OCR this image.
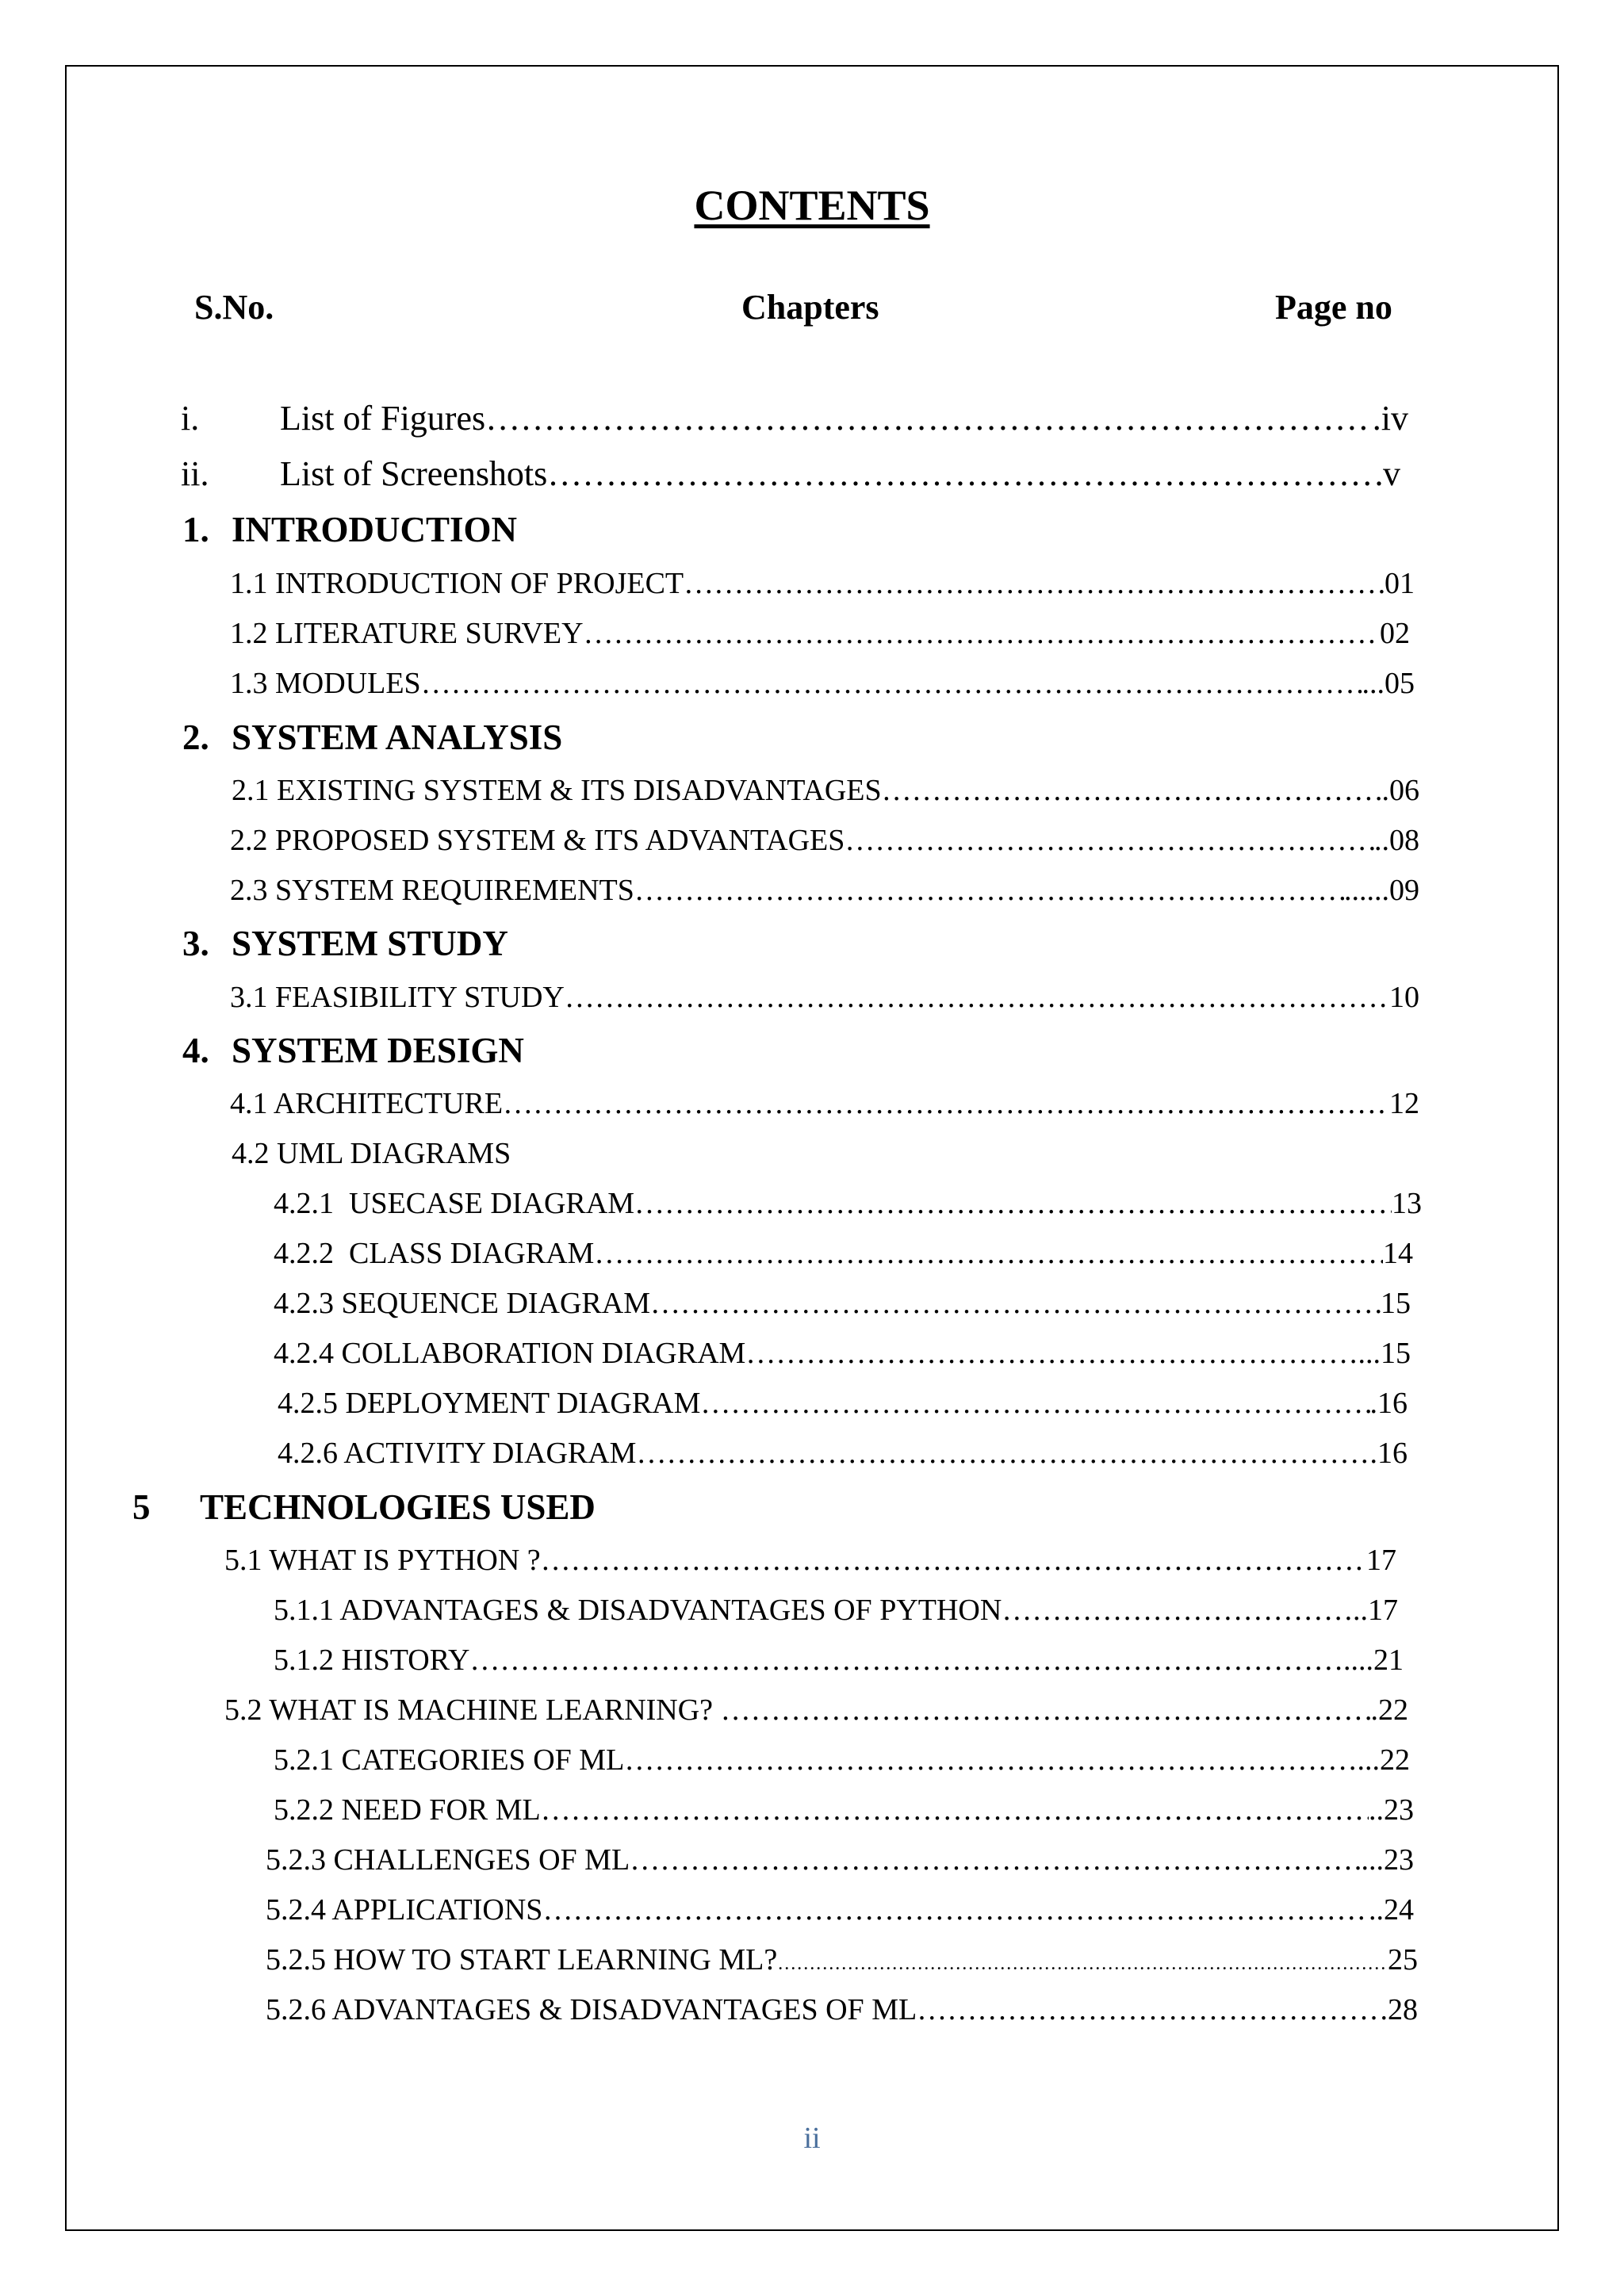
CONTENTS
S.No.	Chapters	Page no
i. List of Figures ……………………………………………………………………………………………………………………………………………………………………………………………………………………………………	.iv
ii. List of Screenshots ……………………………………………………………………………………………………………………………………………………………………………………………………………………………………	v
1. INTRODUCTION
1.1 INTRODUCTION OF PROJECT ……………………………………………………………………………………………………………………………………………………………………………………………………………………………………	01
1.2 LITERATURE SURVEY ……………………………………………………………………………………………………………………………………………………………………………………………………………………………………	02
1.3 MODULES ……………………………………………………………………………………………………………………………………………………………………………………………………………………………………	...05
2. SYSTEM ANALYSIS
2.1 EXISTING SYSTEM & ITS DISADVANTAGES ……………………………………………………………………………………………………………………………………………………………………………………………………………………………………	.06
2.2 PROPOSED SYSTEM & ITS ADVANTAGES ……………………………………………………………………………………………………………………………………………………………………………………………………………………………………	..08
2.3 SYSTEM REQUIREMENTS ……………………………………………………………………………………………………………………………………………………………………………………………………………………………………	......09
3. SYSTEM STUDY
3.1 FEASIBILITY STUDY ……………………………………………………………………………………………………………………………………………………………………………………………………………………………………	10
4. SYSTEM DESIGN
4.1 ARCHITECTURE ……………………………………………………………………………………………………………………………………………………………………………………………………………………………………	12
4.2 UML DIAGRAMS
4.2.1  USECASE DIAGRAM ……………………………………………………………………………………………………………………………………………………………………………………………………………………………………	13
4.2.2  CLASS DIAGRAM ……………………………………………………………………………………………………………………………………………………………………………………………………………………………………	14
4.2.3 SEQUENCE DIAGRAM ……………………………………………………………………………………………………………………………………………………………………………………………………………………………………	15
4.2.4 COLLABORATION DIAGRAM ……………………………………………………………………………………………………………………………………………………………………………………………………………………………………	...15
4.2.5 DEPLOYMENT DIAGRAM ……………………………………………………………………………………………………………………………………………………………………………………………………………………………………	.16
4.2.6 ACTIVITY DIAGRAM ……………………………………………………………………………………………………………………………………………………………………………………………………………………………………	.16
5 TECHNOLOGIES USED
5.1 WHAT IS PYTHON ? ……………………………………………………………………………………………………………………………………………………………………………………………………………………………………	17
5.1.1 ADVANTAGES & DISADVANTAGES OF PYTHON ……………………………………………………………………………………………………………………………………………………………………………………………………………………………………	..17
5.1.2 HISTORY ……………………………………………………………………………………………………………………………………………………………………………………………………………………………………	....21
5.2 WHAT IS MACHINE LEARNING? ……………………………………………………………………………………………………………………………………………………………………………………………………………………………………	.22
5.2.1 CATEGORIES OF ML ……………………………………………………………………………………………………………………………………………………………………………………………………………………………………	...22
5.2.2 NEED FOR ML ……………………………………………………………………………………………………………………………………………………………………………………………………………………………………	..23
5.2.3 CHALLENGES OF ML ……………………………………………………………………………………………………………………………………………………………………………………………………………………………………	...23
5.2.4 APPLICATIONS ……………………………………………………………………………………………………………………………………………………………………………………………………………………………………	..24
5.2.5 HOW TO START LEARNING ML? ……………………………………………………………………………………………………………………………………………………………………………………………………………………………………	25
5.2.6 ADVANTAGES & DISADVANTAGES OF ML ……………………………………………………………………………………………………………………………………………………………………………………………………………………………………	28
ii
